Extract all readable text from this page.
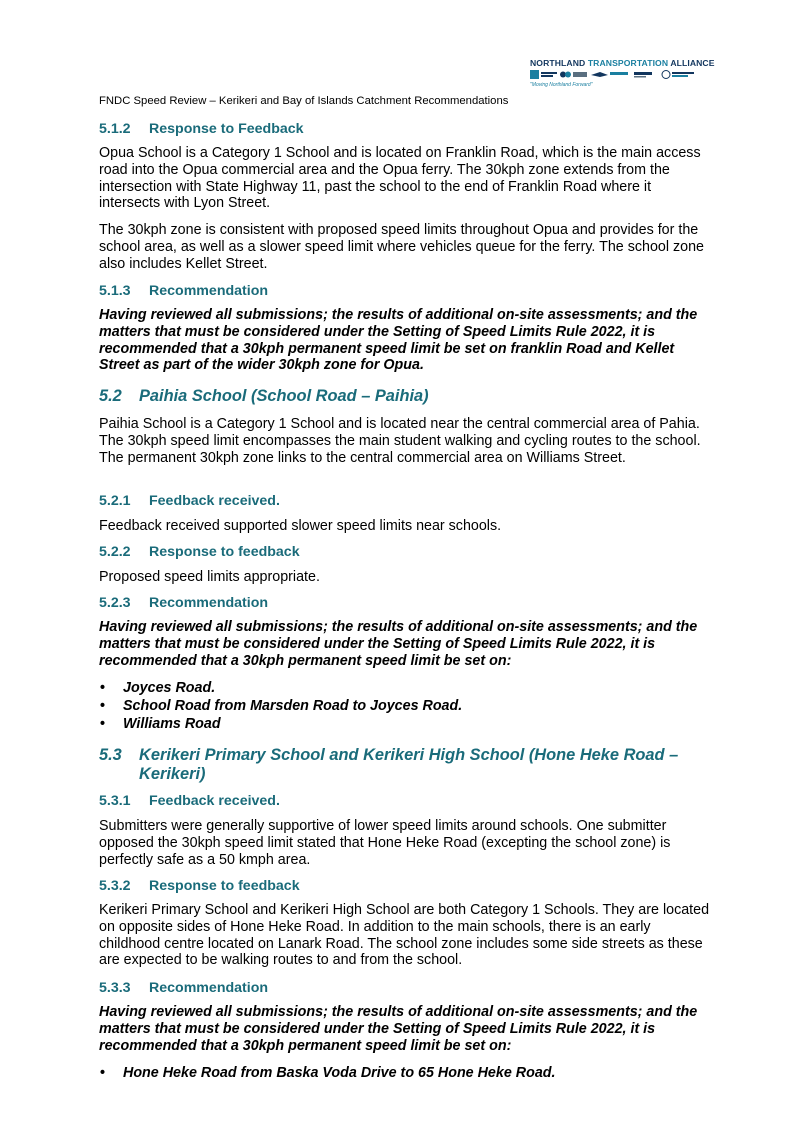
NORTHLAND TRANSPORTATION ALLIANCE
"Moving Northland Forward"
FNDC Speed Review – Kerikeri and Bay of Islands Catchment Recommendations
5.1.2 Response to Feedback
Opua School is a Category 1 School and is located on Franklin Road, which is the main access road into the Opua commercial area and the Opua ferry. The 30kph zone extends from the intersection with State Highway 11, past the school to the end of Franklin Road where it intersects with Lyon Street.
The 30kph zone is consistent with proposed speed limits throughout Opua and provides for the school area, as well as a slower speed limit where vehicles queue for the ferry. The school zone also includes Kellet Street.
5.1.3 Recommendation
Having reviewed all submissions; the results of additional on-site assessments; and the matters that must be considered under the Setting of Speed Limits Rule 2022, it is recommended that a 30kph permanent speed limit be set on franklin Road and Kellet Street as part of the wider 30kph zone for Opua.
5.2 Paihia School (School Road – Paihia)
Paihia School is a Category 1 School and is located near the central commercial area of Pahia. The 30kph speed limit encompasses the main student walking and cycling routes to the school. The permanent 30kph zone links to the central commercial area on Williams Street.
5.2.1 Feedback received.
Feedback received supported slower speed limits near schools.
5.2.2 Response to feedback
Proposed speed limits appropriate.
5.2.3 Recommendation
Having reviewed all submissions; the results of additional on-site assessments; and the matters that must be considered under the Setting of Speed Limits Rule 2022, it is recommended that a 30kph permanent speed limit be set on:
• Joyces Road.
• School Road from Marsden Road to Joyces Road.
• Williams Road
5.3 Kerikeri Primary School and Kerikeri High School (Hone Heke Road –
Kerikeri)
5.3.1 Feedback received.
Submitters were generally supportive of lower speed limits around schools. One submitter opposed the 30kph speed limit stated that Hone Heke Road (excepting the school zone) is perfectly safe as a 50 kmph area.
5.3.2 Response to feedback
Kerikeri Primary School and Kerikeri High School are both Category 1 Schools. They are located on opposite sides of Hone Heke Road. In addition to the main schools, there is an early childhood centre located on Lanark Road. The school zone includes some side streets as these are expected to be walking routes to and from the school.
5.3.3 Recommendation
Having reviewed all submissions; the results of additional on-site assessments; and the matters that must be considered under the Setting of Speed Limits Rule 2022, it is recommended that a 30kph permanent speed limit be set on:
• Hone Heke Road from Baska Voda Drive to 65 Hone Heke Road.
